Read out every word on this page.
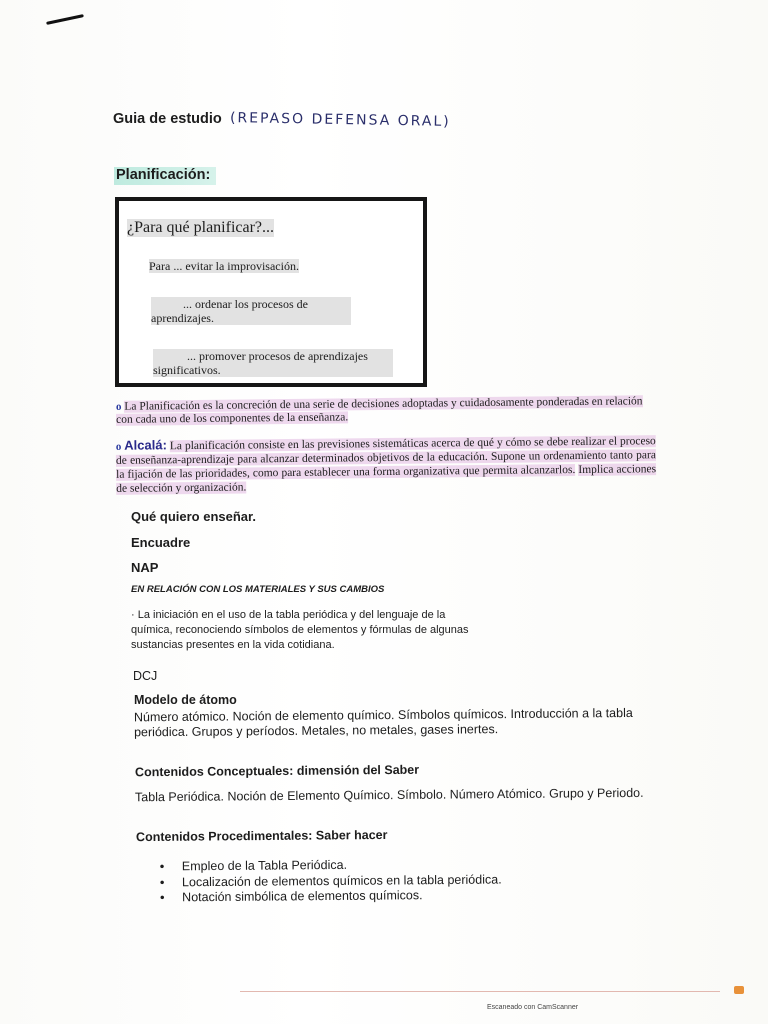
Guia de estudio (REPASO DEFENSA ORAL)
Planificación:
¿Para qué planificar?...
Para ... evitar la improvisación.
... ordenar los procesos de aprendizajes.
... promover procesos de aprendizajes significativos.
o La Planificación es la concreción de una serie de decisiones adoptadas y cuidadosamente ponderadas en relación con cada uno de los componentes de la enseñanza.
o Alcalá: La planificación consiste en las previsiones sistemáticas acerca de qué y cómo se debe realizar el proceso de enseñanza-aprendizaje para alcanzar determinados objetivos de la educación. Supone un ordenamiento tanto para la fijación de las prioridades, como para establecer una forma organizativa que permita alcanzarlos. Implica acciones de selección y organización.
Qué quiero enseñar.
Encuadre
NAP
EN RELACIÓN CON LOS MATERIALES Y SUS CAMBIOS
· La iniciación en el uso de la tabla periódica y del lenguaje de la química, reconociendo símbolos de elementos y fórmulas de algunas sustancias presentes en la vida cotidiana.
DCJ
Modelo de átomo
Número atómico. Noción de elemento químico. Símbolos químicos. Introducción a la tabla periódica. Grupos y períodos. Metales, no metales, gases inertes.
Contenidos Conceptuales: dimensión del Saber
Tabla Periódica. Noción de Elemento Químico. Símbolo. Número Atómico. Grupo y Periodo.
Contenidos Procedimentales: Saber hacer
• Empleo de la Tabla Periódica.
• Localización de elementos químicos en la tabla periódica.
• Notación simbólica de elementos químicos.
Escaneado con CamScanner
